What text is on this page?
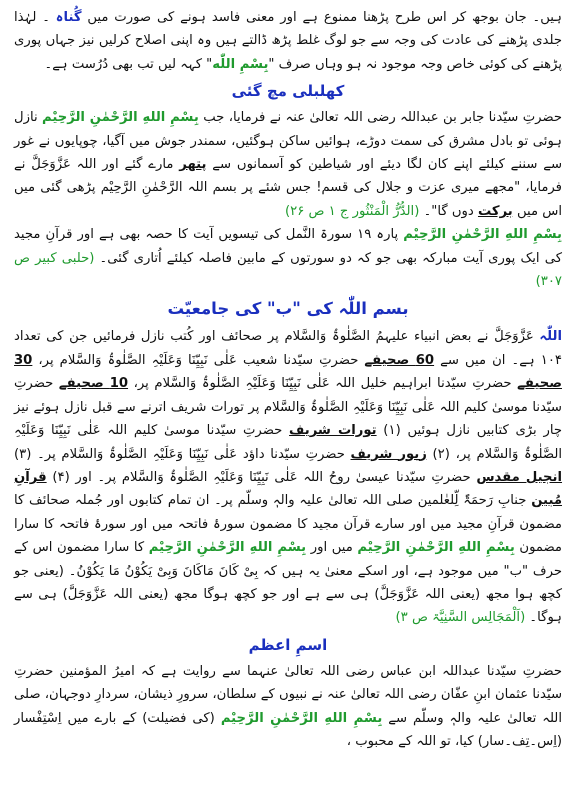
ہیں۔ جان بوجھ کر اس طرح پڑھنا ممنوع ہے اور معنی فاسد ہونے کی صورت میں گُناہ ۔ لہٰذا جلدی پڑھنے کی عادت کی وجہ سے جو لوگ غلط پڑھ ڈالتے ہیں وہ اپنی اصلاح کرلیں نیز جہاں پوری پڑھنے کی کوئی خاص وجہ موجود نہ ہو وہاں صرف "بِسْمِ اللّٰه" کہہ لیں تب بھی دُرُست ہے۔

کھلبلی مچ گئی

حضرتِ سیّدنا جابر بن عبداللہ رضی اللہ تعالیٰ عنہ نے فرمایا، جب بِسْمِ اللهِ الرَّحْمٰنِ الرَّحِیْم نازل ہوئی تو بادل مشرق کی سمت دوڑے، ہوائیں ساکن ہوگئیں، سمندر جوش میں آگیا، چوپایوں نے غور سے سننے کیلئے اپنے کان لگا دیئے اور شیاطین کو آسمانوں سے پتھر مارے گئے اور اللہ عَزَّوَجَلَّ نے فرمایا، "مجھے میری عزت و جلال کی قسم! جس شئے پر بسم اللہ الرَّحْمٰنِ الرَّحِیْم پڑھی گئی میں اس میں برکت دوں گا"۔ (الدُّرُّ الْمَنْثُور ج ۱ ص ۲۶)

بِسْمِ اللهِ الرَّحْمٰنِ الرَّحِیْم پارہ ۱۹ سورۃ النَّمل کی تیسویں آیت کا حصہ بھی ہے اور قرآنِ مجید کی ایک پوری آیت مبارکہ بھی جو کہ دو سورتوں کے مابین فاصلہ کیلئے اُتاری گئی۔ (حلبی کبیر ص ۳۰۷)

بسم اللّٰہ کی "ب" کی جامعیّت

اللّٰہ عَزَّوَجَلَّ نے بعض انبیاء علیہمُ الصَّلٰوۃُ وَالسَّلام پر صحائف اور کُتب نازل فرمائیں جن کی تعداد ۱۰۴ ہے۔ ان میں سے 60 صحیفے حضرتِ سیّدنا شعیب عَلٰی نَبِیِّنَا وَعَلَیْہِ الصَّلٰوۃُ وَالسَّلام پر، 30 صحیفے حضرتِ سیّدنا ابراہیم خلیل اللہ عَلٰی نَبِیِّنَا وَعَلَیْہِ الصَّلٰوۃُ وَالسَّلام پر، 10 صحیفے حضرتِ سیّدنا موسیٰ کلیم اللہ عَلٰی نَبِیِّنَا وَعَلَیْہِ الصَّلٰوۃُ وَالسَّلام پر تورات شریف اترنے سے قبل نازل ہوئے نیز چار بڑی کتابیں نازل ہوئیں (۱) تورات شریف حضرتِ سیّدنا موسیٰ کلیم اللہ عَلٰی نَبِیِّنَا وَعَلَیْہِ الصَّلٰوۃُ وَالسَّلام پر، (۲) زبور شریف حضرتِ سیّدنا داؤد عَلٰی نَبِیِّنَا وَعَلَیْہِ الصَّلٰوۃُ وَالسَّلام پر۔ (۳) انجیل مقدس حضرتِ سیّدنا عیسیٰ روحُ اللہ عَلٰی نَبِیِّنَا وَعَلَیْہِ الصَّلٰوۃُ وَالسَّلام پر۔ اور (۴) قرآنِ مُبین جنابِ رَحمَۃٌ لِّلعٰلمین صلی اللہ تعالیٰ علیہ والہٖ وسلّم پر۔ ان تمام کتابوں اور جُملہ صحائف کا مضمون قرآنِ مجید میں اور سارے قرآن مجید کا مضمون سورۂ فاتحہ میں اور سورۂ فاتحہ کا سارا مضمون بِسْمِ اللهِ الرَّحْمٰنِ الرَّحِیْم میں اور بِسْمِ اللهِ الرَّحْمٰنِ الرَّحِیْم کا سارا مضمون اس کے حرف "ب" میں موجود ہے، اور اسکے معنیٰ یہ ہیں کہ بِیْ کَانَ مَاکَانَ وَبِیْ یَکُوْنُ مَا یَکُوْنُ۔ (یعنی جو کچھ ہوا مجھ (یعنی اللہ عَزَّوَجَلَّ) ہی سے ہے اور جو کچھ ہوگا مجھ (یعنی اللہ عَزَّوَجَلَّ) ہی سے ہوگا۔ (اَلْمَجَالِس السَّنِیَّۃ ص ۳)

اسمِ اعظم

حضرتِ سیّدنا عبداللہ ابن عباس رضی اللہ تعالیٰ عنہما سے روایت ہے کہ امیرُ المؤمنین حضرتِ سیّدنا عثمان ابنِ عفّان رضی اللہ تعالیٰ عنہ نے نبیوں کے سلطان، سرورِ ذیشان، سردارِ دوجہان، صلی اللہ تعالیٰ علیہ والہٖ وسلّم سے بِسْمِ اللهِ الرَّحْمٰنِ الرَّحِیْم (کی فضیلت) کے بارے میں اِسْتِفْسار (اِس۔تِف۔سار) کیا، تو اللہ کے محبوب ،
